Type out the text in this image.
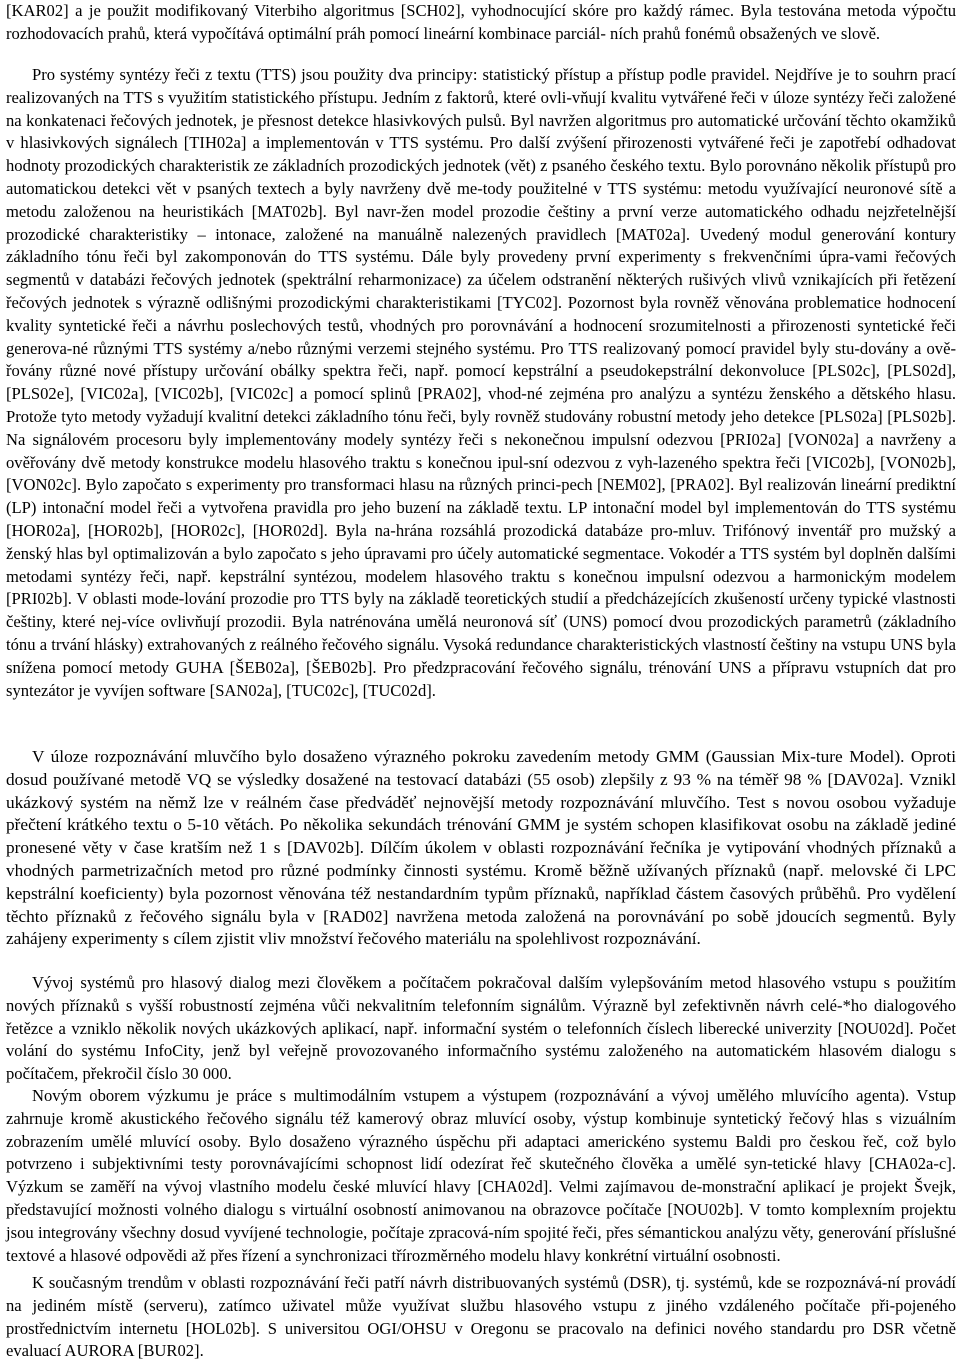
[KAR02] a je použit modifikovaný Viterbiho algoritmus [SCH02], vyhodnocující skóre pro každý rámec. Byla testována metoda výpočtu rozhodovacích prahů, která vypočítává optimální práh pomocí lineární kombinace parciál- ních prahů fonémů obsažených ve slově.

Pro systémy syntézy řeči z textu (TTS) jsou použity dva principy: statistický přístup a přístup podle pravidel. Nejdříve je to souhrn prací realizovaných na TTS s využitím statistického přístupu. Jedním z faktorů, které ovli-vňují kvalitu vytvářené řeči v úloze syntézy řeči založené na konkatenaci řečových jednotek, je přesnost detekce hlasivkových pulsů. Byl navržen algoritmus pro automatické určování těchto okamžiků v hlasivkových signálech [TIH02a] a implementován v TTS systému. Pro další zvýšení přirozenosti vytvářené řeči je zapotřebí odhadovat hodnoty prozodických charakteristik ze základních prozodických jednotek (vět) z psaného českého textu. Bylo porovnáno několik přístupů pro automatickou detekci vět v psaných textech a byly navrženy dvě me-tody použitelné v TTS systému: metodu využívající neuronové sítě a metodu založenou na heuristikách [MAT02b]. Byl navr-žen model prozodie češtiny a první verze automatického odhadu nejzřetelnější prozodické charakteristiky – intonace, založené na manuálně nalezených pravidlech [MAT02a]. Uvedený modul generování kontury základního tónu řeči byl zakomponován do TTS systému. Dále byly provedeny první experimenty s frekvenčními úpra-vami řečových segmentů v databázi řečových jednotek (spektrální reharmonizace) za účelem odstranění některých rušivých vlivů vznikajících při řetězení řečových jednotek s výrazně odlišnými prozodickými charakteristikami [TYC02]. Pozornost byla rovněž věnována problematice hodnocení kvality syntetické řeči a návrhu poslechových testů, vhodných pro porovnávání a hodnocení srozumitelnosti a přirozenosti syntetické řeči generova-né různými TTS systémy a/nebo různými verzemi stejného systému. Pro TTS realizovaný pomocí pravidel byly stu-dovány a ově-řovány různé nové přístupy určování obálky spektra řeči, např. pomocí kepstrální a pseudokepstrální dekonvoluce [PLS02c], [PLS02d], [PLS02e], [VIC02a], [VIC02b], [VIC02c] a pomocí splinů [PRA02], vhod-né zejména pro analýzu a syntézu ženského a dětského hlasu. Protože tyto metody vyžadují kvalitní detekci základního tónu řeči, byly rovněž studovány robustní metody jeho detekce [PLS02a] [PLS02b]. Na signálovém procesoru byly implementovány modely syntézy řeči s nekonečnou impulsní odezvou [PRI02a] [VON02a] a navrženy a ověřovány dvě metody konstrukce modelu hlasového traktu s konečnou ipul-sní odezvou z vyh-lazeného spektra řeči [VIC02b], [VON02b], [VON02c]. Bylo započato s experimenty pro transformaci hlasu na různých princi-pech [NEM02], [PRA02]. Byl realizován lineární prediktní (LP) intonační model řeči a vytvořena pravidla pro jeho buzení na základě textu. LP intonační model byl implementován do TTS systému [HOR02a], [HOR02b], [HOR02c], [HOR02d]. Byla na-hrána rozsáhlá prozodická databáze pro-mluv. Trifónový inventář pro mužský a ženský hlas byl optimalizován a bylo započato s jeho úpravami pro účely automatické segmentace. Vokodér a TTS systém byl doplněn dalšími metodami syntézy řeči, např. kepstrální syntézou, modelem hlasového traktu s konečnou impulsní odezvou a harmonickým modelem [PRI02b]. V oblasti mode-lování prozodie pro TTS byly na základě teoretických studií a předcházejících zkušeností určeny typické vlastnosti češtiny, které nej-více ovlivňují prozodii. Byla natrénována umělá neuronová síť (UNS) pomocí dvou prozodických parametrů (základního tónu a trvání hlásky) extrahovaných z reálného řečového signálu. Vysoká redundance charakteristických vlastností češtiny na vstupu UNS byla snížena pomocí metody GUHA [ŠEB02a], [ŠEB02b]. Pro předzpracování řečového signálu, trénování UNS a přípravu vstupních dat pro syntezátor je vyvíjen software [SAN02a], [TUC02c], [TUC02d].

V úloze rozpoznávání mluvčího bylo dosaženo výrazného pokroku zavedením metody GMM (Gaussian Mix-ture Model). Oproti dosud používané metodě VQ se výsledky dosažené na testovací databázi (55 osob) zlepšily z 93 % na téměř 98 % [DAV02a]. Vznikl ukázkový systém na němž lze v reálném čase předváděť nejnovější metody rozpoznávání mluvčího. Test s novou osobou vyžaduje přečtení krátkého textu o 5-10 větách. Po několika sekundách trénování GMM je systém schopen klasifikovat osobu na základě jediné pronesené věty v čase kratším než 1 s [DAV02b]. Dílčím úkolem v oblasti rozpoznávání řečníka je vytipování vhodných příznaků a vhodných parmetrizačních metod pro různé podmínky činnosti systému. Kromě běžně užívaných příznaků (např. melovské či LPC kepstrální koeficienty) byla pozornost věnována též nestandardním typům příznaků, například částem časových průběhů. Pro vydělení těchto příznaků z řečového signálu byla v [RAD02] navržena metoda založená na porovnávání po sobě jdoucích segmentů. Byly zahájeny experimenty s cílem zjistit vliv množství řečového materiálu na spolehlivost rozpoznávání.

Vývoj systémů pro hlasový dialog mezi člověkem a počítačem pokračoval dalším vylepšováním metod hlasového vstupu s použitím nových příznaků s vyšší robustností zejména vůči nekvalitním telefonním signálům. Výrazně byl zefektivněn návrh celé-*ho dialogového řetězce a vzniklo několik nových ukázkových aplikací, např. informační systém o telefonních číslech liberecké univerzity [NOU02d]. Počet volání do systému InfoCity, jenž byl veřejně provozovaného informačního systému založeného na automatickém hlasovém dialogu s počítačem, překročil číslo 30 000.

Novým oborem výzkumu je práce s multimodálním vstupem a výstupem (rozpoznávání a vývoj umělého mluvícího agenta). Vstup zahrnuje kromě akustického řečového signálu též kamerový obraz mluvící osoby, výstup kombinuje syntetický řečový hlas s vizuálním zobrazením umělé mluvící osoby. Bylo dosaženo výrazného úspěchu při adaptaci americkéno systemu Baldi pro českou řeč, což bylo potvrzeno i subjektivními testy porovnávajícími schopnost lidí odezírat řeč skutečného člověka a umělé syn-tetické hlavy [CHA02a-c]. Výzkum se zaměří na vývoj vlastního modelu české mluvící hlavy [CHA02d]. Velmi zajímavou de-monstrační aplikací je projekt Švejk, představující možnosti volného dialogu s virtuální osobností animovanou na obrazovce počítače [NOU02b]. V tomto komplexním projektu jsou integrovány všechny dosud vyvíjené technologie, počítaje zpracová-ním spojité řeči, přes sémantickou analýzu věty, generování příslušné textové a hlasové odpovědi až přes řízení a synchronizaci třírozměrného modelu hlavy konkrétní virtuální osobnosti.

K současným trendům v oblasti rozpoznávání řeči patří návrh distribuovaných systémů (DSR), tj. systémů, kde se rozpoznává-ní provádí na jediném místě (serveru), zatímco uživatel může využívat službu hlasového vstupu z jiného vzdáleného počítače při-pojeného prostřednictvím internetu [HOL02b]. S universitou OGI/OHSU v Oregonu se pracovalo na definici nového standardu pro DSR včetně evaluací AURORA [BUR02].
